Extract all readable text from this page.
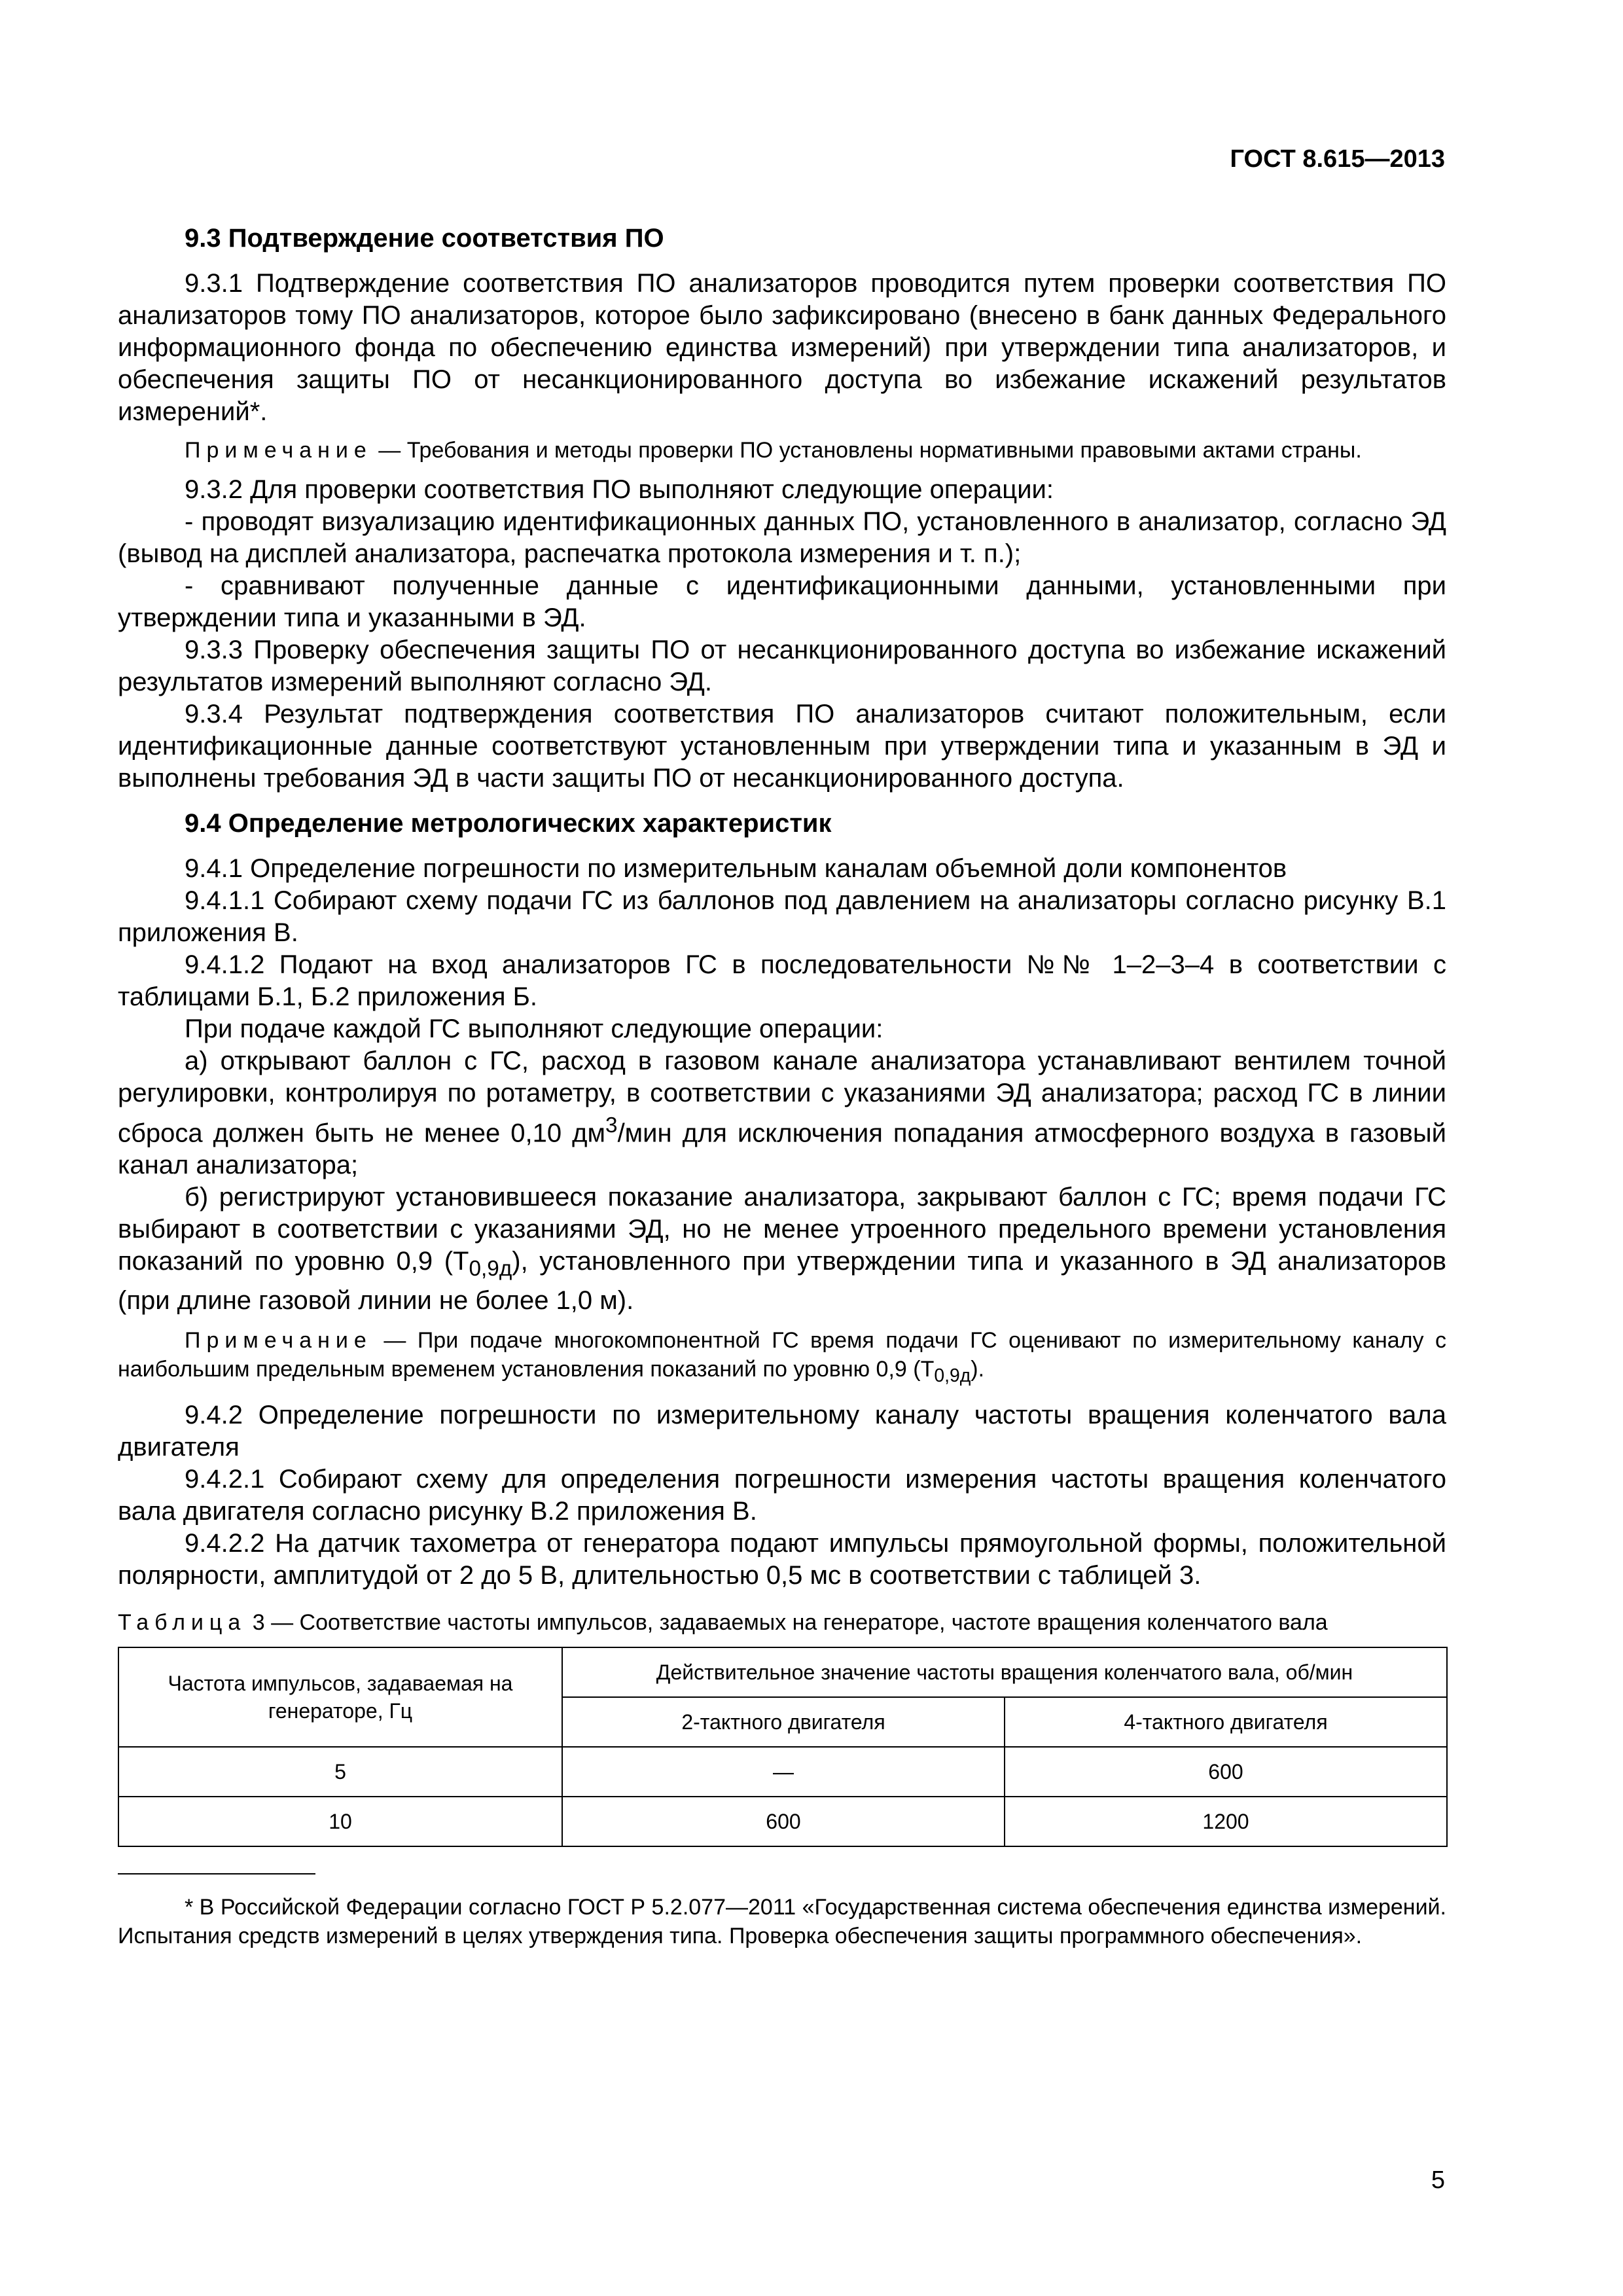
ГОСТ 8.615—2013

9.3 Подтверждение соответствия ПО

9.3.1 Подтверждение соответствия ПО анализаторов проводится путем проверки соответствия ПО анализаторов тому ПО анализаторов, которое было зафиксировано (внесено в банк данных Федерального информационного фонда по обеспечению единства измерений) при утверждении типа анализаторов, и обеспечения защиты ПО от несанкционированного доступа во избежание искажений результатов измерений*.

Примечание — Требования и методы проверки ПО установлены нормативными правовыми актами страны.

9.3.2 Для проверки соответствия ПО выполняют следующие операции:

- проводят визуализацию идентификационных данных ПО, установленного в анализатор, согласно ЭД (вывод на дисплей анализатора, распечатка протокола измерения и т. п.);

- сравнивают полученные данные с идентификационными данными, установленными при утверждении типа и указанными в ЭД.

9.3.3 Проверку обеспечения защиты ПО от несанкционированного доступа во избежание искажений результатов измерений выполняют согласно ЭД.

9.3.4 Результат подтверждения соответствия ПО анализаторов считают положительным, если идентификационные данные соответствуют установленным при утверждении типа и указанным в ЭД и выполнены требования ЭД в части защиты ПО от несанкционированного доступа.

9.4 Определение метрологических характеристик

9.4.1 Определение погрешности по измерительным каналам объемной доли компонентов

9.4.1.1 Собирают схему подачи ГС из баллонов под давлением на анализаторы согласно рисунку В.1 приложения В.

9.4.1.2 Подают на вход анализаторов ГС в последовательности №№ 1–2–3–4 в соответствии с таблицами Б.1, Б.2 приложения Б.

При подаче каждой ГС выполняют следующие операции:

а) открывают баллон с ГС, расход в газовом канале анализатора устанавливают вентилем точной регулировки, контролируя по ротаметру, в соответствии с указаниями ЭД анализатора; расход ГС в линии сброса должен быть не менее 0,10 $дм^3$/мин для исключения попадания атмосферного воздуха в газовый канал анализатора;

б) регистрируют установившееся показание анализатора, закрывают баллон с ГС; время подачи ГС выбирают в соответствии с указаниями ЭД, но не менее утроенного предельного времени установления показаний по уровню 0,9 $(T_{0,9д})$, установленного при утверждении типа и указанного в ЭД анализаторов (при длине газовой линии не более 1,0 м).

Примечание — При подаче многокомпонентной ГС время подачи ГС оценивают по измерительному каналу с наибольшим предельным временем установления показаний по уровню 0,9 $(T_{0,9д})$.

9.4.2 Определение погрешности по измерительному каналу частоты вращения коленчатого вала двигателя

9.4.2.1 Собирают схему для определения погрешности измерения частоты вращения коленчатого вала двигателя согласно рисунку В.2 приложения В.

9.4.2.2 На датчик тахометра от генератора подают импульсы прямоугольной формы, положительной полярности, амплитудой от 2 до 5 В, длительностью 0,5 мс в соответствии с таблицей 3.

Таблица 3 — Соответствие частоты импульсов, задаваемых на генераторе, частоте вращения коленчатого вала

Частота импульсов, задаваемая на генераторе, Гц	Действительное значение частоты вращения коленчатого вала, об/мин	
	2-тактного двигателя	4-тактного двигателя
5	—	600
10	600	1200

* В Российской Федерации согласно ГОСТ Р 5.2.077—2011 «Государственная система обеспечения единства измерений. Испытания средств измерений в целях утверждения типа. Проверка обеспечения защиты программного обеспечения».

5
